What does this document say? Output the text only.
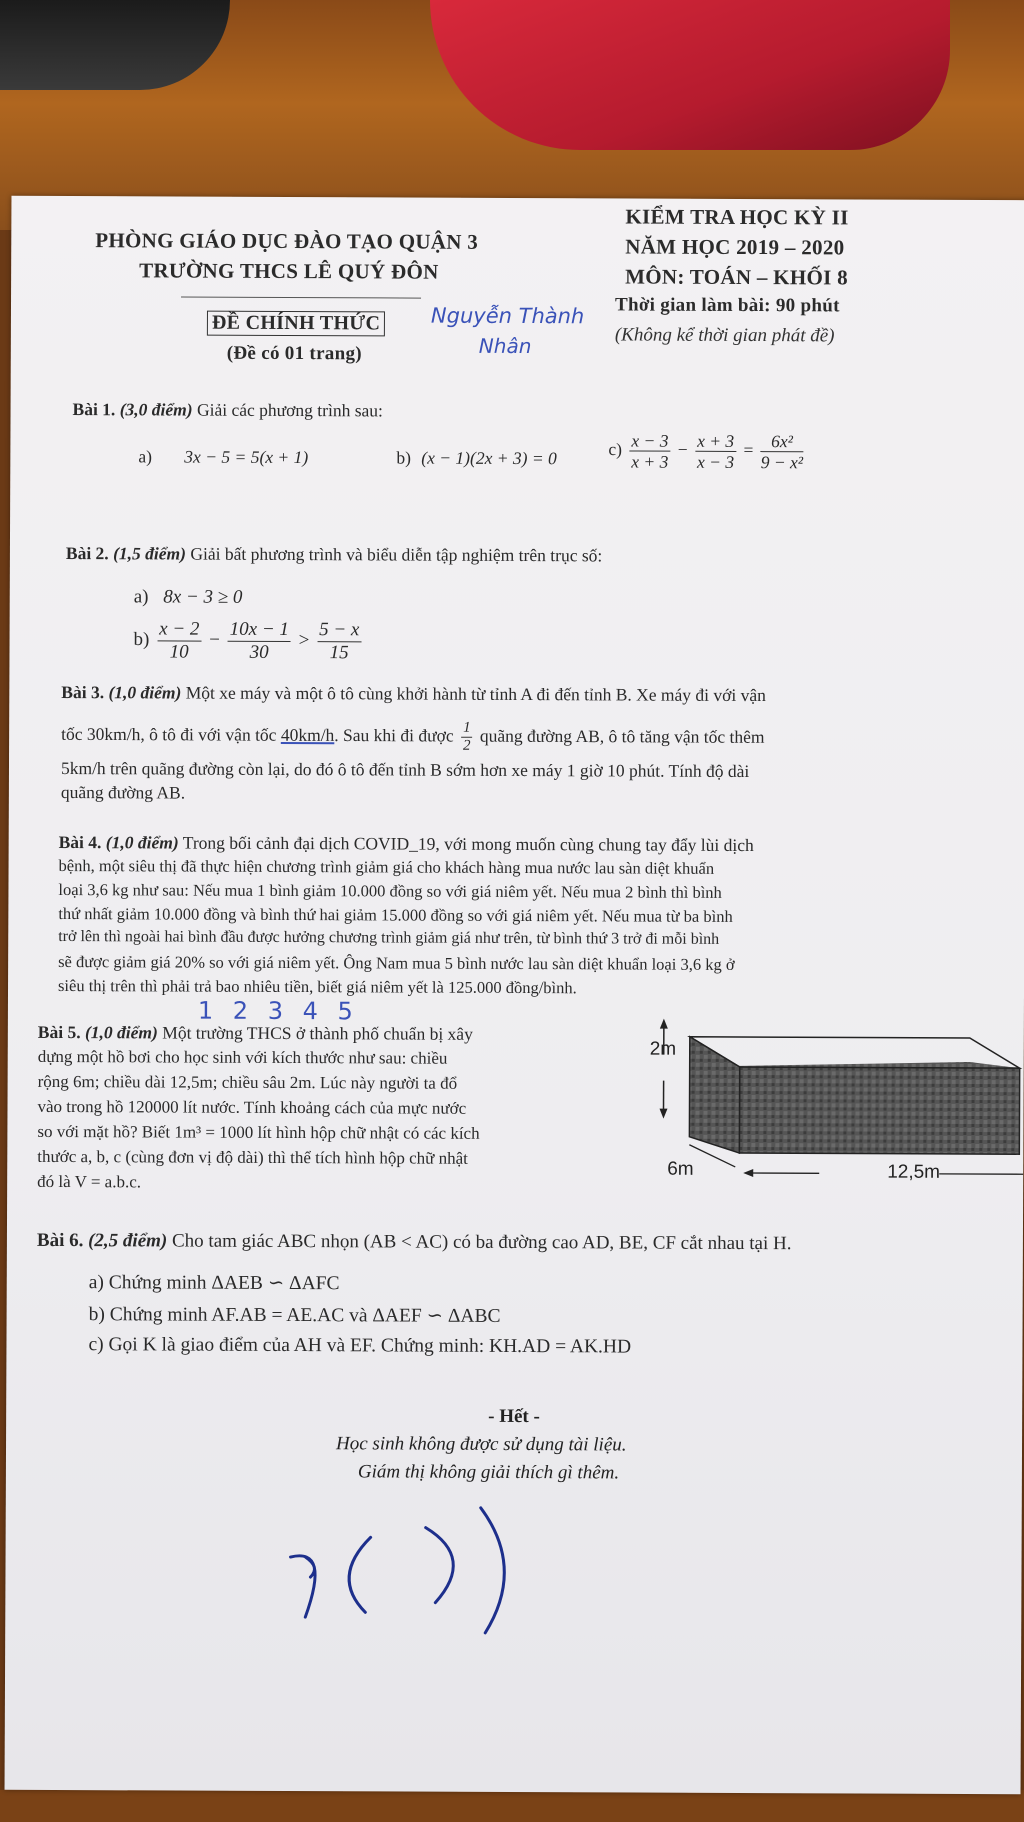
PHÒNG GIÁO DỤC ĐÀO TẠO QUẬN 3
TRƯỜNG THCS LÊ QUÝ ĐÔN
ĐỀ CHÍNH THỨC
(Đề có 01 trang)
Nguyễn Thành
Nhân
KIỂM TRA HỌC KỲ II
NĂM HỌC 2019 – 2020
MÔN: TOÁN – KHỐI 8
Thời gian làm bài: 90 phút
(Không kể thời gian phát đề)
Bài 1. (3,0 điểm) Giải các phương trình sau:
a) 3x − 5 = 5(x + 1)	b) (x − 1)(2x + 3) = 0	$c) \frac{x - 3}{x + 3} - \frac{x + 3}{x - 3} = \frac{\text{6x²}}{\text{9 − x²}}$
Bài 2. (1,5 điểm) Giải bất phương trình và biểu diễn tập nghiệm trên trục số:
a) 8x − 3 ≥ 0
$b) \frac{x - 2}{10} - \frac{10x - 1}{30} > \frac{5 - x}{15}$
Bài 3. (1,0 điểm) Một xe máy và một ô tô cùng khởi hành từ tỉnh A đi đến tỉnh B. Xe máy đi với vận
tốc 30km/h, ô tô đi với vận tốc 40km/h. Sau khi đi được $\frac{1}{2}$ quãng đường AB, ô tô tăng vận tốc thêm
5km/h trên quãng đường còn lại, do đó ô tô đến tỉnh B sớm hơn xe máy 1 giờ 10 phút. Tính độ dài
quãng đường AB.
Bài 4. (1,0 điểm) Trong bối cảnh đại dịch COVID_19, với mong muốn cùng chung tay đẩy lùi dịch
bệnh, một siêu thị đã thực hiện chương trình giảm giá cho khách hàng mua nước lau sàn diệt khuẩn
loại 3,6 kg như sau: Nếu mua 1 bình giảm 10.000 đồng so với giá niêm yết. Nếu mua 2 bình thì bình
thứ nhất giảm 10.000 đồng và bình thứ hai giảm 15.000 đồng so với giá niêm yết. Nếu mua từ ba bình
trở lên thì ngoài hai bình đầu được hưởng chương trình giảm giá như trên, từ bình thứ 3 trở đi mỗi bình
sẽ được giảm giá 20% so với giá niêm yết. Ông Nam mua 5 bình nước lau sàn diệt khuẩn loại 3,6 kg ở
siêu thị trên thì phải trả bao nhiêu tiền, biết giá niêm yết là 125.000 đồng/bình.
1 2 3 4 5
Bài 5. (1,0 điểm) Một trường THCS ở thành phố chuẩn bị xây
dựng một hồ bơi cho học sinh với kích thước như sau: chiều
rộng 6m; chiều dài 12,5m; chiều sâu 2m. Lúc này người ta đổ
vào trong hồ 120000 lít nước. Tính khoảng cách của mực nước
so với mặt hồ? Biết 1m³ = 1000 lít hình hộp chữ nhật có các kích
thước a, b, c (cùng đơn vị độ dài) thì thể tích hình hộp chữ nhật
đó là V = a.b.c.
2m
6m	12,5m
Bài 6. (2,5 điểm) Cho tam giác ABC nhọn (AB < AC) có ba đường cao AD, BE, CF cắt nhau tại H.
a) Chứng minh ΔAEB ∽ ΔAFC
b) Chứng minh AF.AB = AE.AC và ΔAEF ∽ ΔABC
c) Gọi K là giao điểm của AH và EF. Chứng minh: KH.AD = AK.HD
- Hết -
Học sinh không được sử dụng tài liệu.
Giám thị không giải thích gì thêm.
